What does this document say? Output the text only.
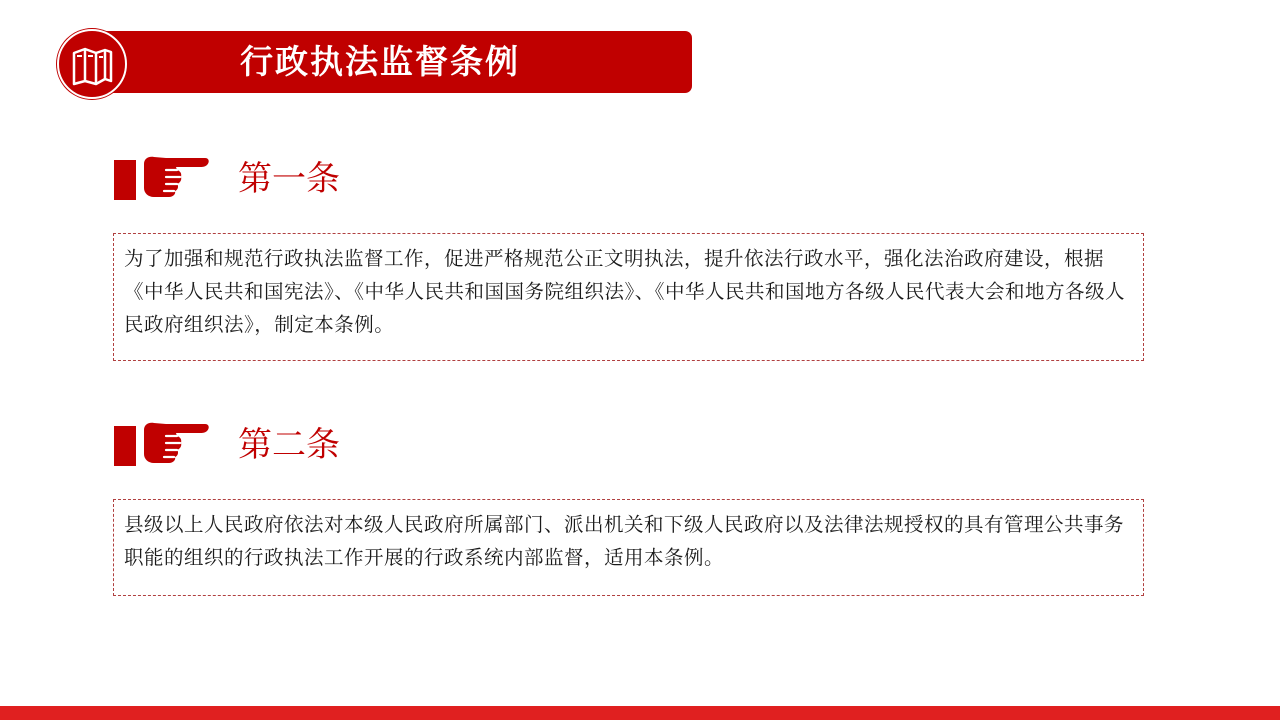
行政执法监督条例
第一条

为了加强和规范行政执法监督工作，促进严格规范公正文明执法，提升依法行政水平，强化法治政府建设，根据《中华人民共和国宪法》、《中华人民共和国国务院组织法》、《中华人民共和国地方各级人民代表大会和地方各级人民政府组织法》，制定本条例。

第二条

县级以上人民政府依法对本级人民政府所属部门、派出机关和下级人民政府以及法律法规授权的具有管理公共事务职能的组织的行政执法工作开展的行政系统内部监督，适用本条例。
